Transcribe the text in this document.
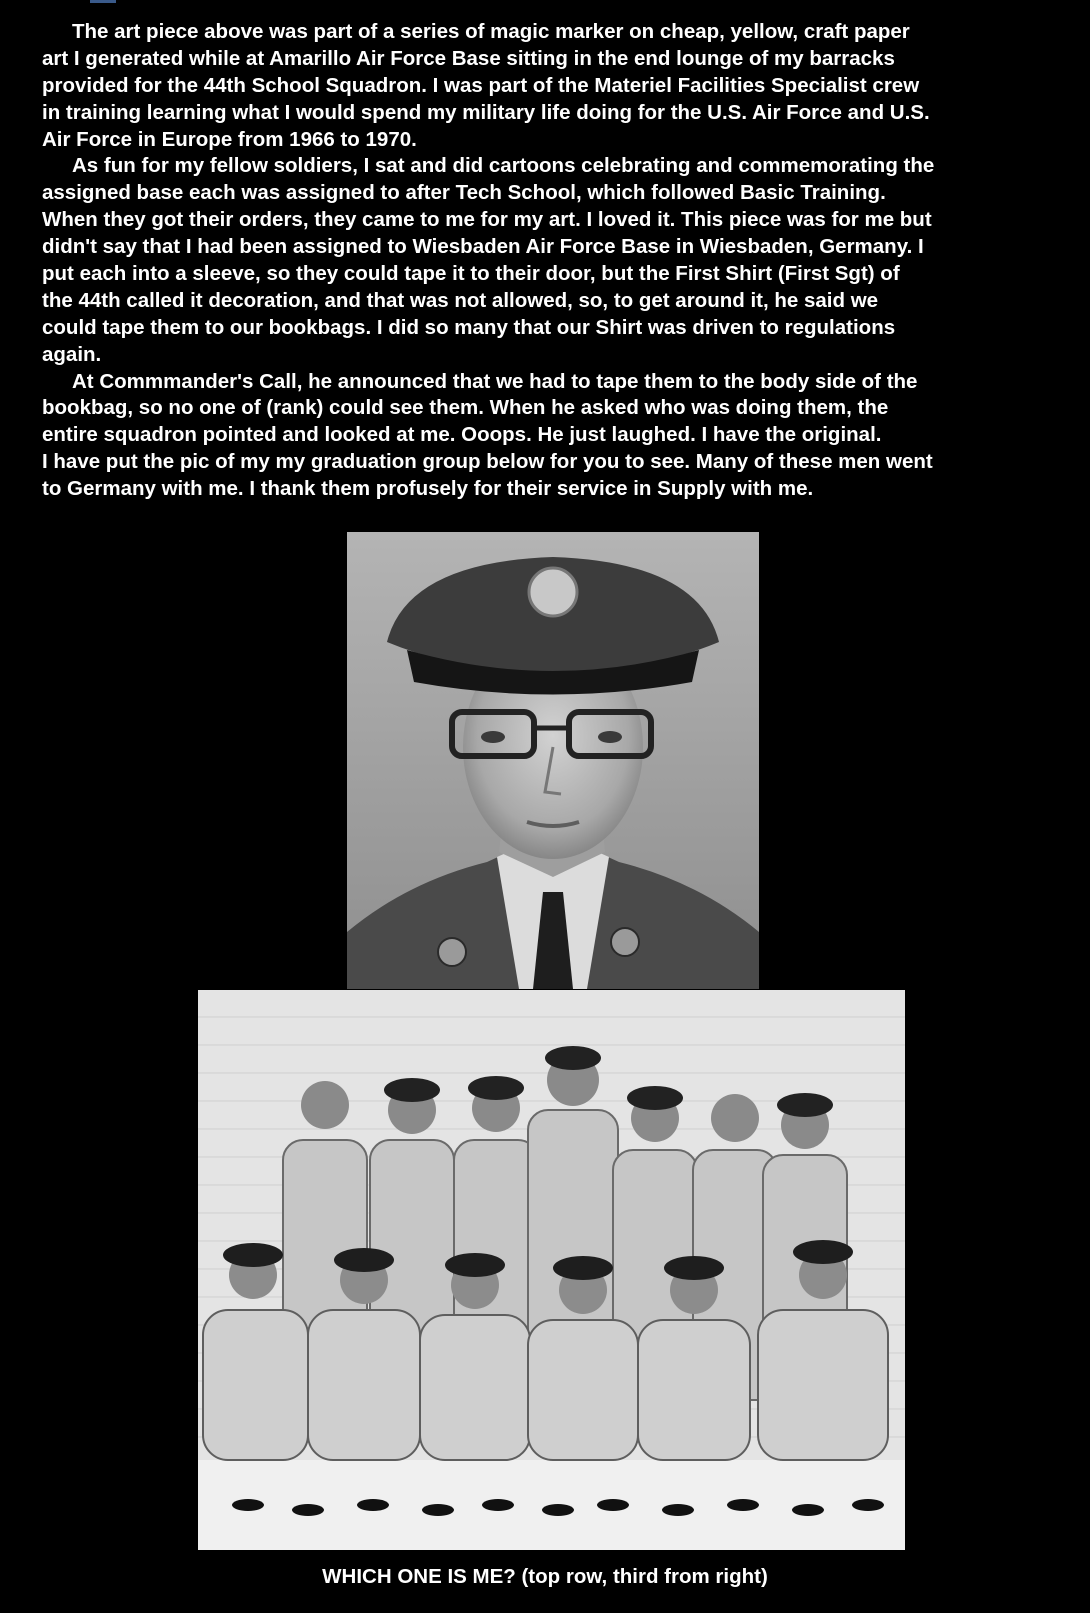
The art piece above was part of a series of magic marker on cheap, yellow, craft paper
art I generated while at Amarillo Air Force Base sitting in the end lounge of my barracks
provided for the 44th School Squadron. I was part of the Materiel Facilities Specialist crew
in training learning what I would spend my military life doing for the U.S. Air Force and U.S.
Air Force in Europe from 1966 to 1970.
As fun for my fellow soldiers, I sat and did cartoons celebrating and commemorating the
assigned base each was assigned to after Tech School, which followed Basic Training.
When they got their orders, they came to me for my art. I loved it. This piece was for me but
didn't say that I had been assigned to Wiesbaden Air Force Base in Wiesbaden, Germany. I
put each into a sleeve, so they could tape it to their door, but the First Shirt (First Sgt) of
the 44th called it decoration, and that was not allowed, so, to get around it, he said we
could tape them to our bookbags. I did so many that our Shirt was driven to regulations
again.
At Commmander's Call, he announced that we had to tape them to the body side of the
bookbag, so no one of (rank) could see them. When he asked who was doing them, the
entire squadron pointed and looked at me. Ooops. He just laughed. I have the original.
I have put the pic of my my graduation group below for you to see. Many of these men went
to Germany with me. I thank them profusely for their service in Supply with me.
WHICH ONE IS ME? (top row, third from right)
